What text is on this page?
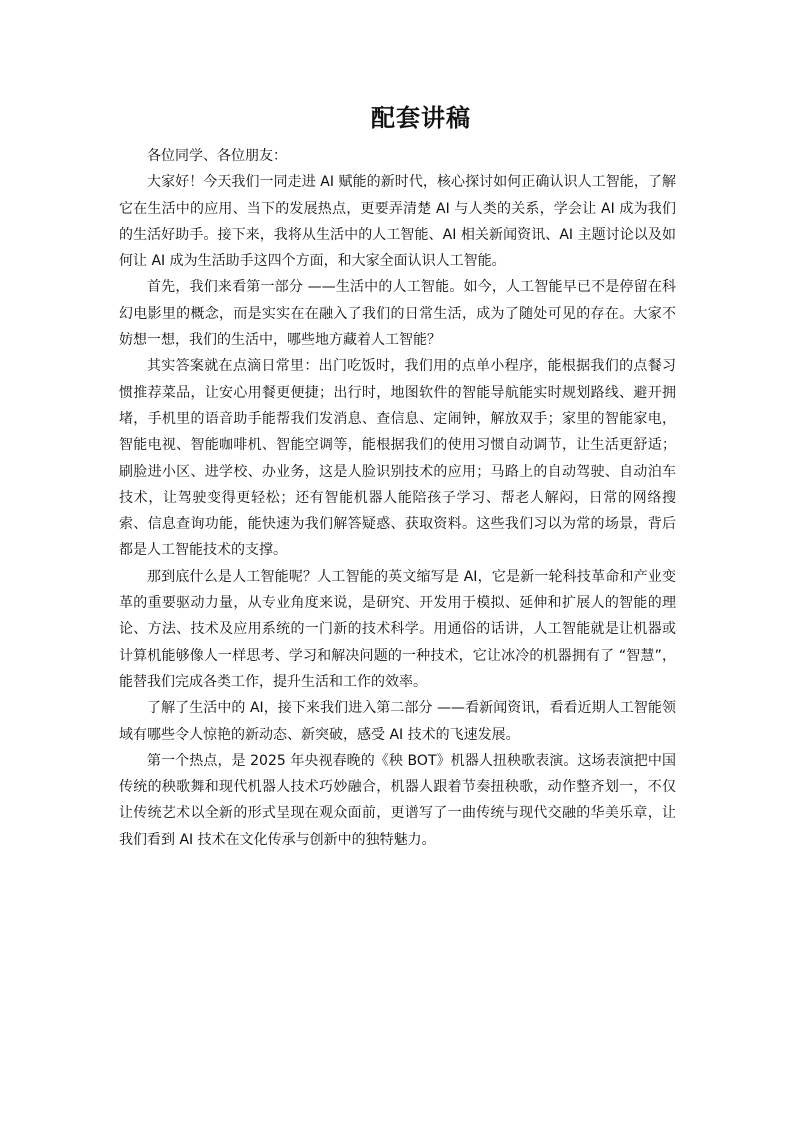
配套讲稿

各位同学、各位朋友：

大家好！今天我们一同走进 AI 赋能的新时代，核心探讨如何正确认识人工智能，了解它在生活中的应用、当下的发展热点，更要弄清楚 AI 与人类的关系，学会让 AI 成为我们的生活好助手。接下来，我将从生活中的人工智能、AI 相关新闻资讯、AI 主题讨论以及如何让 AI 成为生活助手这四个方面，和大家全面认识人工智能。

首先，我们来看第一部分 ——生活中的人工智能。如今，人工智能早已不是停留在科幻电影里的概念，而是实实在在融入了我们的日常生活，成为了随处可见的存在。大家不妨想一想，我们的生活中，哪些地方藏着人工智能？

其实答案就在点滴日常里：出门吃饭时，我们用的点单小程序，能根据我们的点餐习惯推荐菜品，让安心用餐更便捷；出行时，地图软件的智能导航能实时规划路线、避开拥堵，手机里的语音助手能帮我们发消息、查信息、定闹钟，解放双手；家里的智能家电，智能电视、智能咖啡机、智能空调等，能根据我们的使用习惯自动调节，让生活更舒适；刷脸进小区、进学校、办业务，这是人脸识别技术的应用；马路上的自动驾驶、自动泊车技术，让驾驶变得更轻松；还有智能机器人能陪孩子学习、帮老人解闷，日常的网络搜索、信息查询功能，能快速为我们解答疑惑、获取资料。这些我们习以为常的场景，背后都是人工智能技术的支撑。

那到底什么是人工智能呢？人工智能的英文缩写是 AI，它是新一轮科技革命和产业变革的重要驱动力量，从专业角度来说，是研究、开发用于模拟、延伸和扩展人的智能的理论、方法、技术及应用系统的一门新的技术科学。用通俗的话讲，人工智能就是让机器或计算机能够像人一样思考、学习和解决问题的一种技术，它让冰冷的机器拥有了 “智慧”，能替我们完成各类工作，提升生活和工作的效率。

了解了生活中的 AI，接下来我们进入第二部分 ——看新闻资讯，看看近期人工智能领域有哪些令人惊艳的新动态、新突破，感受 AI 技术的飞速发展。

第一个热点，是 2025 年央视春晚的《秧 BOT》机器人扭秧歌表演。这场表演把中国传统的秧歌舞和现代机器人技术巧妙融合，机器人跟着节奏扭秧歌，动作整齐划一，不仅让传统艺术以全新的形式呈现在观众面前，更谱写了一曲传统与现代交融的华美乐章，让我们看到 AI 技术在文化传承与创新中的独特魅力。
